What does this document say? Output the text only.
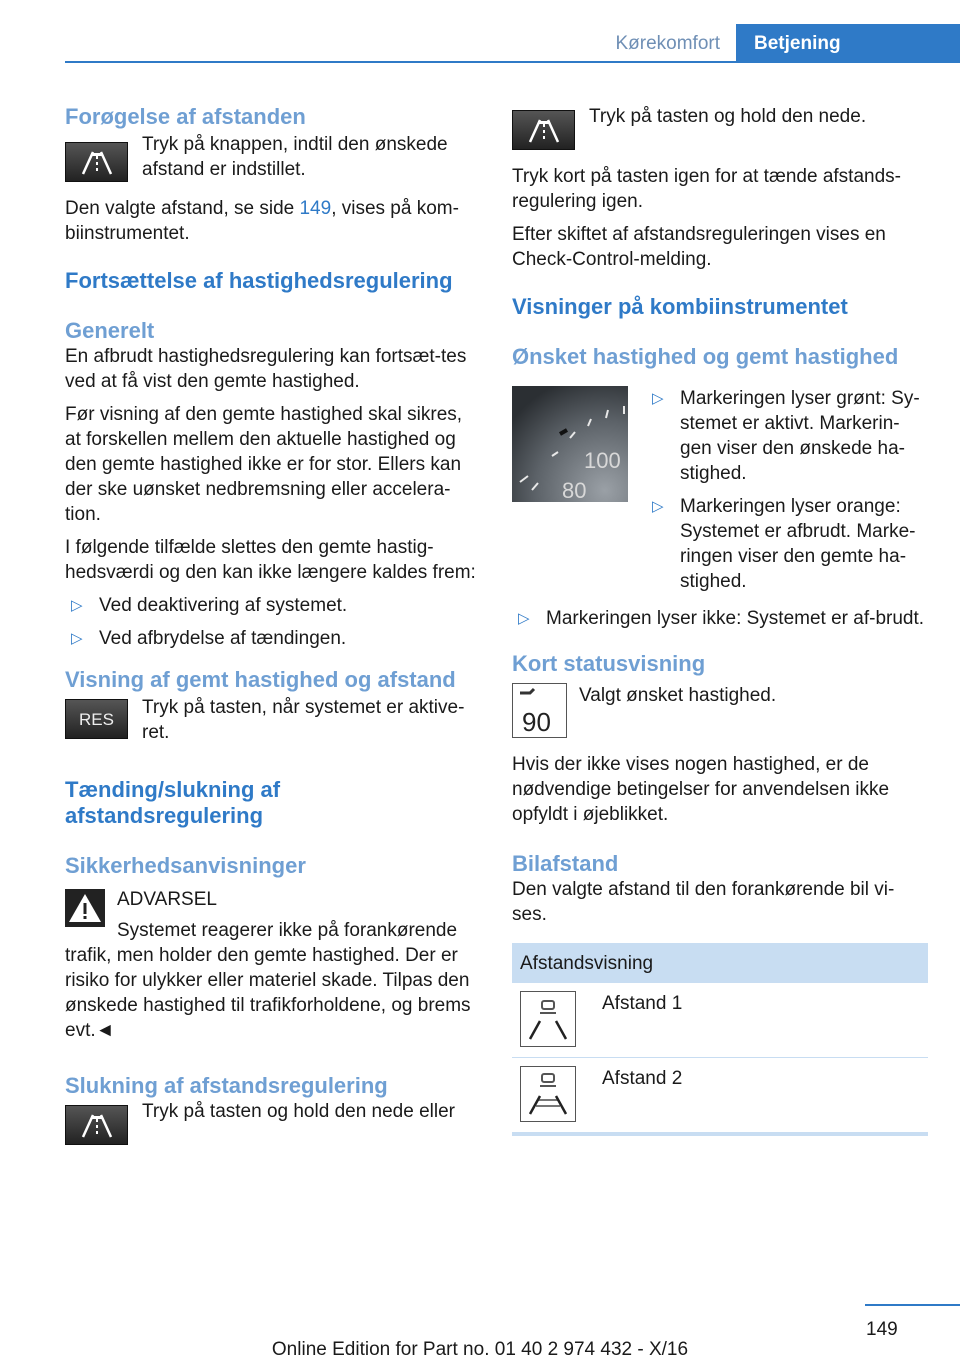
Kørekomfort Betjening
Forøgelse af afstanden

Tryk på knappen, indtil den ønskede afstand er indstillet.

Den valgte afstand, se side 149, vises på kom-biinstrumentet.

Fortsættelse af hastighedsregulering
Generelt

En afbrudt hastighedsregulering kan fortsæt-tes ved at få vist den gemte hastighed.

Før visning af den gemte hastighed skal sikres, at forskellen mellem den aktuelle hastighed og den gemte hastighed ikke er for stor. Ellers kan der ske uønsket nedbremsning eller accelera-tion.

I følgende tilfælde slettes den gemte hastig-hedsværdi og den kan ikke længere kaldes frem:

▷ Ved deaktivering af systemet.
▷ Ved afbrydelse af tændingen.
Visning af gemt hastighed og afstand
RES

Tryk på tasten, når systemet er aktive-ret.

Tænding/slukning af afstandsregulering
Sikkerhedsanvisninger

ADVARSEL

Systemet reagerer ikke på forankørende

trafik, men holder den gemte hastighed. Der er risiko for ulykker eller materiel skade. Tilpas den ønskede hastighed til trafikforholdene, og brems evt.◄

Slukning af afstandsregulering

Tryk på tasten og hold den nede eller

Tryk på tasten og hold den nede.

Tryk kort på tasten igen for at tænde afstands-regulering igen.

Efter skiftet af afstandsreguleringen vises en Check-Control-melding.

Visninger på kombiinstrumentet
Ønsket hastighed og gemt hastighed
100
80
▷ Markeringen lyser grønt: Sy-stemet er aktivt. Markerin-gen viser den ønskede ha-stighed.
▷ Markeringen lyser orange: Systemet er afbrudt. Marke-ringen viser den gemte ha-stighed.
▷ Markeringen lyser ikke: Systemet er af-brudt.
Kort statusvisning
90

Valgt ønsket hastighed.

Hvis der ikke vises nogen hastighed, er de nødvendige betingelser for anvendelsen ikke opfyldt i øjeblikket.

Bilafstand

Den valgte afstand til den forankørende bil vi-ses.

Afstandsvisning	

	Afstand 1

	Afstand 2
149
Online Edition for Part no. 01 40 2 974 432 - X/16
